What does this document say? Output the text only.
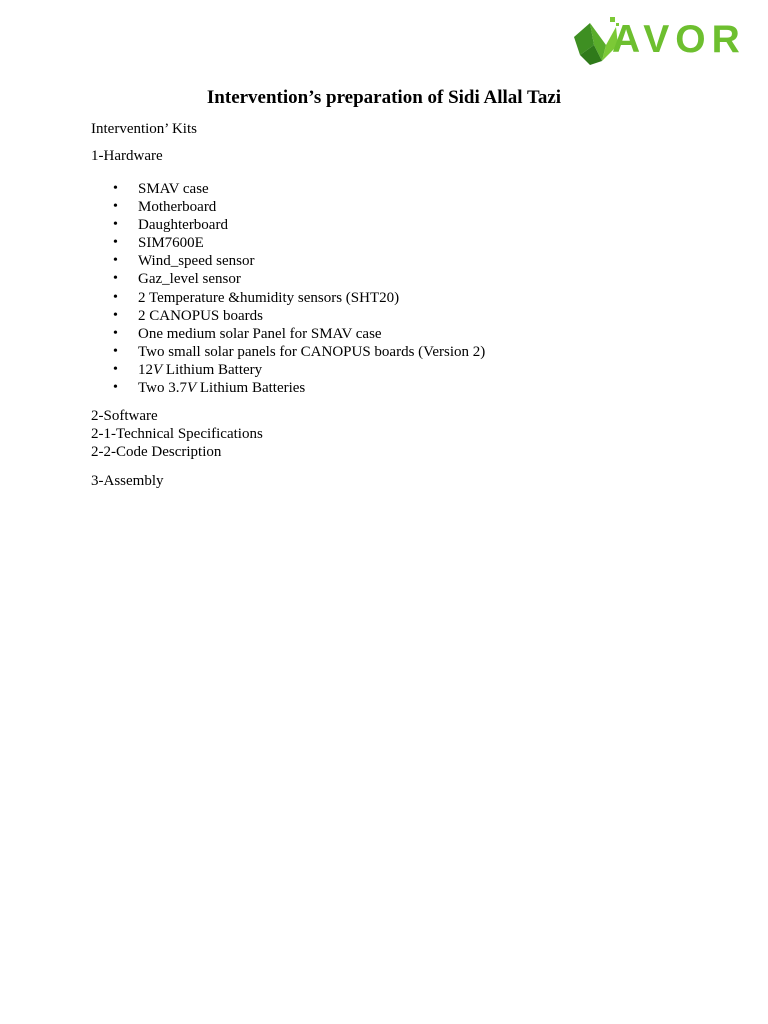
AVOR
Intervention’s preparation of Sidi Allal Tazi
Intervention’ Kits
1-Hardware
• SMAV case
• Motherboard
• Daughterboard
• SIM7600E
• Wind_speed sensor
• Gaz_level sensor
• 2 Temperature &humidity sensors (SHT20)
• 2 CANOPUS boards
• One medium solar Panel for SMAV case
• Two small solar panels for CANOPUS boards (Version 2)
• 12V Lithium Battery
• Two 3.7V Lithium Batteries
2-Software
2-1-Technical Specifications
2-2-Code Description
3-Assembly
